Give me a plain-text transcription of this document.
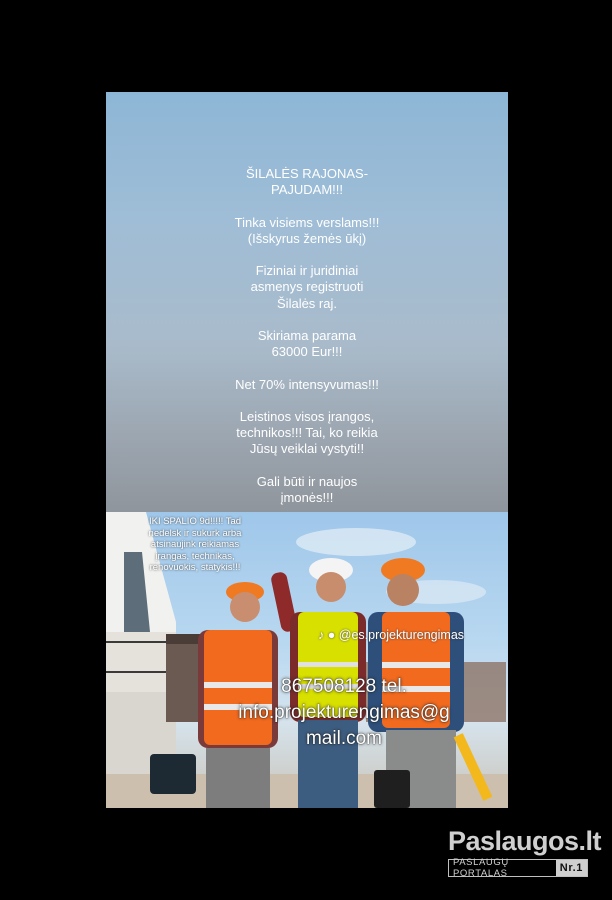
ŠILALĖS RAJONAS-
PAJUDAM!!!

Tinka visiems verslams!!!
(Išskyrus žemės ūkį)

Fiziniai ir juridiniai
asmenys registruoti
Šilalės raj.

Skiriama parama
63000 Eur!!!

Net 70% intensyvumas!!!

Leistinos visos įrangos,
technikos!!! Tai, ko reikia
Jūsų veiklai vystyti!!

Gali būti ir naujos
įmonės!!!

IKI SPALIO 9d!!!!! Tad nedelsk ir sukurk arba atsinaujink reikiamas įrangas, technikas, renovuokis, statykis!!!
♪ ● @es.projekturengimas
867508128 tel.
info.projekturengimas@g
mail.com
Paslaugos.lt
PASLAUGŲ PORTALAS	Nr.1
